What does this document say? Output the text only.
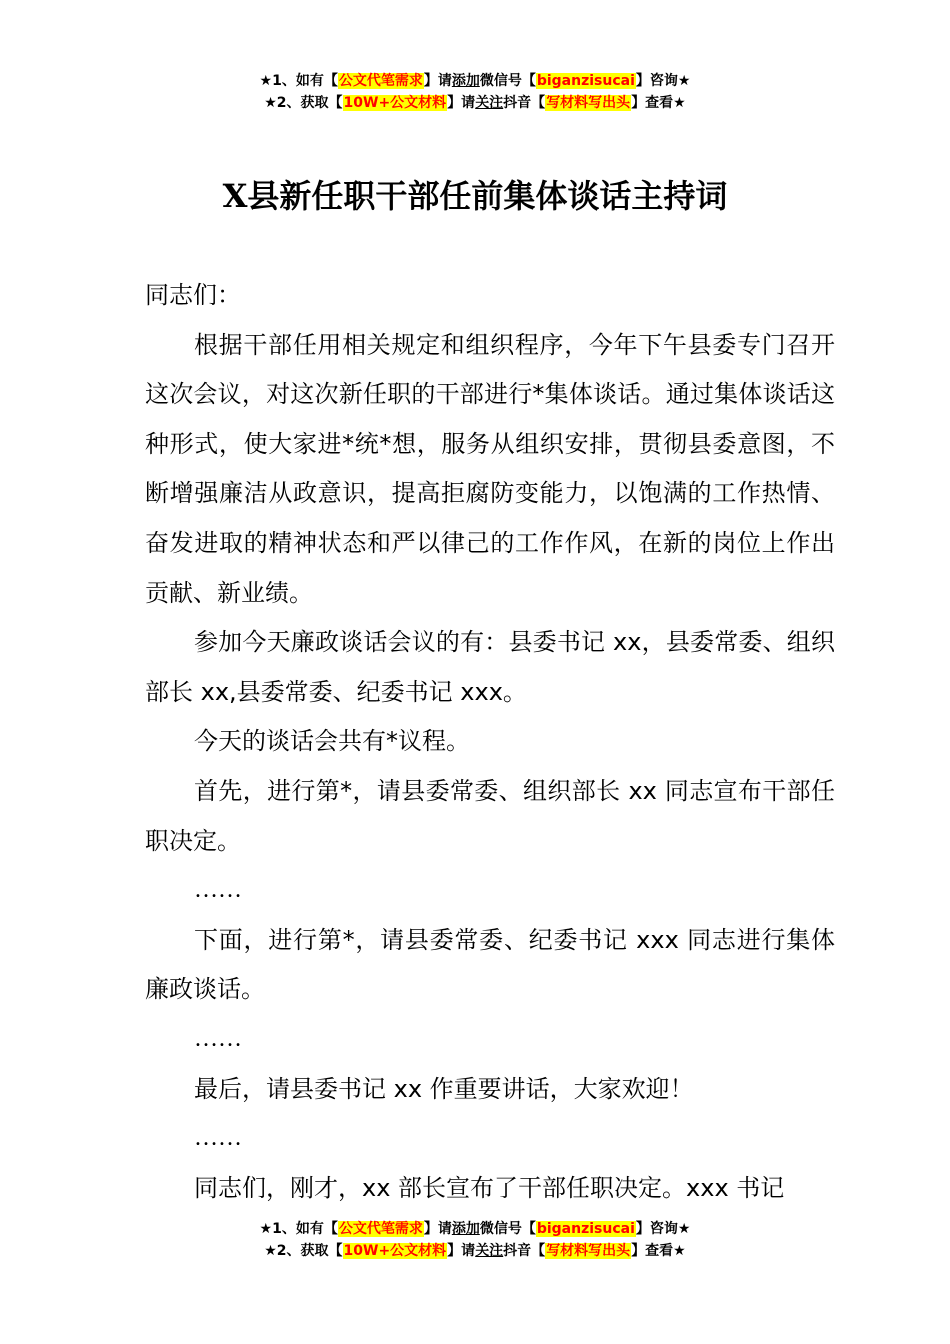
★1、如有【公文代笔需求】请添加微信号【biganzisucai】咨询★
★2、获取【10W+公文材料】请关注抖音【写材料写出头】查看★
X县新任职干部任前集体谈话主持词

同志们：

根据干部任用相关规定和组织程序，今年下午县委专门召开这次会议，对这次新任职的干部进行*集体谈话。通过集体谈话这种形式，使大家进*统*想，服务从组织安排，贯彻县委意图，不断增强廉洁从政意识，提高拒腐防变能力，以饱满的工作热情、奋发进取的精神状态和严以律己的工作作风，在新的岗位上作出贡献、新业绩。

参加今天廉政谈话会议的有：县委书记 xx，县委常委、组织部长 xx,县委常委、纪委书记 xxx。

今天的谈话会共有*议程。

首先，进行第*，请县委常委、组织部长 xx 同志宣布干部任职决定。

……

下面，进行第*，请县委常委、纪委书记 xxx 同志进行集体廉政谈话。

……

最后，请县委书记 xx 作重要讲话，大家欢迎！

……

同志们，刚才，xx 部长宣布了干部任职决定。xxx 书记

★1、如有【公文代笔需求】请添加微信号【biganzisucai】咨询★
★2、获取【10W+公文材料】请关注抖音【写材料写出头】查看★
